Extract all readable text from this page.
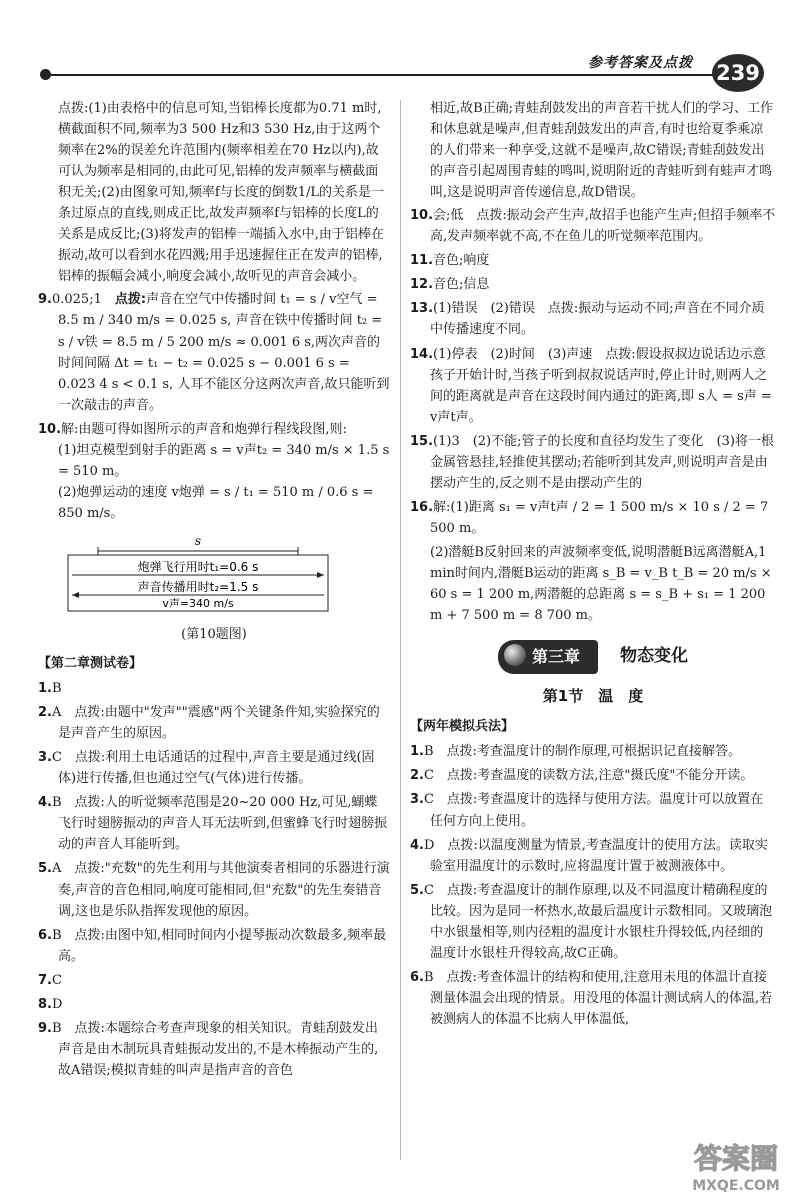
参考答案及点拨 239

点拨:(1)由表格中的信息可知,当铝棒长度都为0.71 m时,横截面积不同,频率为3 500 Hz和3 530 Hz,由于这两个频率在2%的误差允许范围内(频率相差在70 Hz以内),故可认为频率是相同的,由此可见,铝棒的发声频率与横截面积无关;(2)由图象可知,频率f与长度的倒数1/L的关系是一条过原点的直线,则成正比,故发声频率f与铝棒的长度L的关系是成反比;(3)将发声的铝棒一端插入水中,由于铝棒在振动,故可以看到水花四溅;用手迅速握住正在发声的铝棒,铝棒的振幅会减小,响度会减小,故听见的声音会减小。

9.0.025;1　 点拨:声音在空气中传播时间 t₁ = s / v空气 = 8.5 m / 340 m/s = 0.025 s, 声音在铁中传播时间 t₂ = s / v铁 = 8.5 m / 5 200 m/s ≈ 0.001 6 s,两次声音的时间间隔 Δt = t₁ − t₂ = 0.025 s − 0.001 6 s = 0.023 4 s < 0.1 s, 人耳不能区分这两次声音,故只能听到一次敲击的声音。
10.解:由题可得如图所示的声音和炮弹行程线段图,则:
(1)坦克模型到射手的距离 s = v声t₂ = 340 m/s × 1.5 s = 510 m。
(2)炮弹运动的速度 v炮弹 = s / t₁ = 510 m / 0.6 s = 850 m/s。
s
炮弹飞行用时t₁=0.6 s
声音传播用时t₂=1.5 s
v声=340 m/s

(第10题图)

【第二章测试卷】
1.B
2.A　点拨:由题中"发声""震感"两个关键条件知,实验探究的是声音产生的原因。
3.C　点拨:利用土电话通话的过程中,声音主要是通过线(固体)进行传播,但也通过空气(气体)进行传播。
4.B　点拨:人的听觉频率范围是20~20 000 Hz,可见,蝴蝶飞行时翅膀振动的声音人耳无法听到,但蜜蜂飞行时翅膀振动的声音人耳能听到。
5.A　点拨:"充数"的先生利用与其他演奏者相同的乐器进行演奏,声音的音色相同,响度可能相同,但"充数"的先生奏错音调,这也是乐队指挥发现他的原因。
6.B　点拨:由图中知,相同时间内小提琴振动次数最多,频率最高。
7.C
8.D
9.B　点拨:本题综合考查声现象的相关知识。青蛙刮鼓发出声音是由木制玩具青蛙振动发出的,不是木棒振动产生的,故A错误;模拟青蛙的叫声是指声音的音色

相近,故B正确;青蛙刮鼓发出的声音若干扰人们的学习、工作和休息就是噪声,但青蛙刮鼓发出的声音,有时也给夏季乘凉的人们带来一种享受,这就不是噪声,故C错误;青蛙刮鼓发出的声音引起周围青蛙的鸣叫,说明附近的青蛙听到有蛙声才鸣叫,这是说明声音传递信息,故D错误。

10.会;低　点拨:振动会产生声,故招手也能产生声;但招手频率不高,发声频率就不高,不在鱼儿的听觉频率范围内。
11.音色;响度
12.音色;信息
13.(1)错误　(2)错误　点拨:振动与运动不同;声音在不同介质中传播速度不同。
14.(1)停表　(2)时间　(3)声速　点拨:假设叔叔边说话边示意孩子开始计时,当孩子听到叔叔说话声时,停止计时,则两人之间的距离就是声音在这段时间内通过的距离,即 s人 = s声 = v声t声。
15.(1)3　(2)不能;管子的长度和直径均发生了变化　(3)将一根金属管悬挂,轻推使其摆动;若能听到其发声,则说明声音是由摆动产生的,反之则不是由摆动产生的
16.解:(1)距离 s₁ = v声t声 / 2 = 1 500 m/s × 10 s / 2 = 7 500 m。

(2)潜艇B反射回来的声波频率变低,说明潜艇B远离潜艇A,1 min时间内,潜艇B运动的距离 s_B = v_B t_B = 20 m/s × 60 s = 1 200 m,两潜艇的总距离 s = s_B + s₁ = 1 200 m + 7 500 m = 8 700 m。

第三章	物态变化
第1节　温　度
【两年模拟兵法】
1.B　点拨:考查温度计的制作原理,可根据识记直接解答。
2.C　点拨:考查温度的读数方法,注意"摄氏度"不能分开读。
3.C　点拨:考查温度计的选择与使用方法。温度计可以放置在任何方向上使用。
4.D　点拨:以温度测量为情景,考查温度计的使用方法。读取实验室用温度计的示数时,应将温度计置于被测液体中。
5.C　点拨:考查温度计的制作原理,以及不同温度计精确程度的比较。因为是同一杯热水,故最后温度计示数相同。又玻璃泡中水银量相等,则内径粗的温度计水银柱升得较低,内径细的温度计水银柱升得较高,故C正确。
6.B　点拨:考查体温计的结构和使用,注意用未甩的体温计直接测量体温会出现的情景。用没甩的体温计测试病人的体温,若被测病人的体温不比病人甲体温低,
答案圈
MXQE.COM
